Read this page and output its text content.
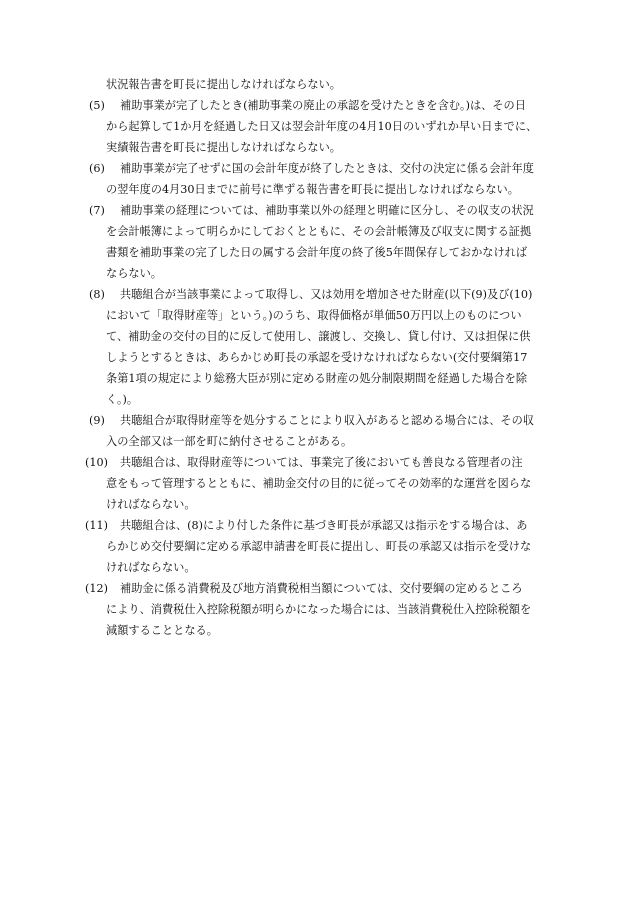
状況報告書を町長に提出しなければならない。
(5) 補助事業が完了したとき(補助事業の廃止の承認を受けたときを含む。)は、その日
から起算して1か月を経過した日又は翌会計年度の4月10日のいずれか早い日までに、
実績報告書を町長に提出しなければならない。
(6) 補助事業が完了せずに国の会計年度が終了したときは、交付の決定に係る会計年度
の翌年度の4月30日までに前号に準ずる報告書を町長に提出しなければならない。
(7) 補助事業の経理については、補助事業以外の経理と明確に区分し、その収支の状況
を会計帳簿によって明らかにしておくとともに、その会計帳簿及び収支に関する証拠
書類を補助事業の完了した日の属する会計年度の終了後5年間保存しておかなければ
ならない。
(8) 共聴組合が当該事業によって取得し、又は効用を増加させた財産(以下(9)及び(10)
において「取得財産等」という。)のうち、取得価格が単価50万円以上のものについ
て、補助金の交付の目的に反して使用し、譲渡し、交換し、貸し付け、又は担保に供
しようとするときは、あらかじめ町長の承認を受けなければならない(交付要綱第17
条第1項の規定により総務大臣が別に定める財産の処分制限期間を経過した場合を除
く。)。
(9) 共聴組合が取得財産等を処分することにより収入があると認める場合には、その収
入の全部又は一部を町に納付させることがある。
(10) 共聴組合は、取得財産等については、事業完了後においても善良なる管理者の注
意をもって管理するとともに、補助金交付の目的に従ってその効率的な運営を図らな
ければならない。
(11) 共聴組合は、(8)により付した条件に基づき町長が承認又は指示をする場合は、あ
らかじめ交付要綱に定める承認申請書を町長に提出し、町長の承認又は指示を受けな
ければならない。
(12) 補助金に係る消費税及び地方消費税相当額については、交付要綱の定めるところ
により、消費税仕入控除税額が明らかになった場合には、当該消費税仕入控除税額を
減額することとなる。
